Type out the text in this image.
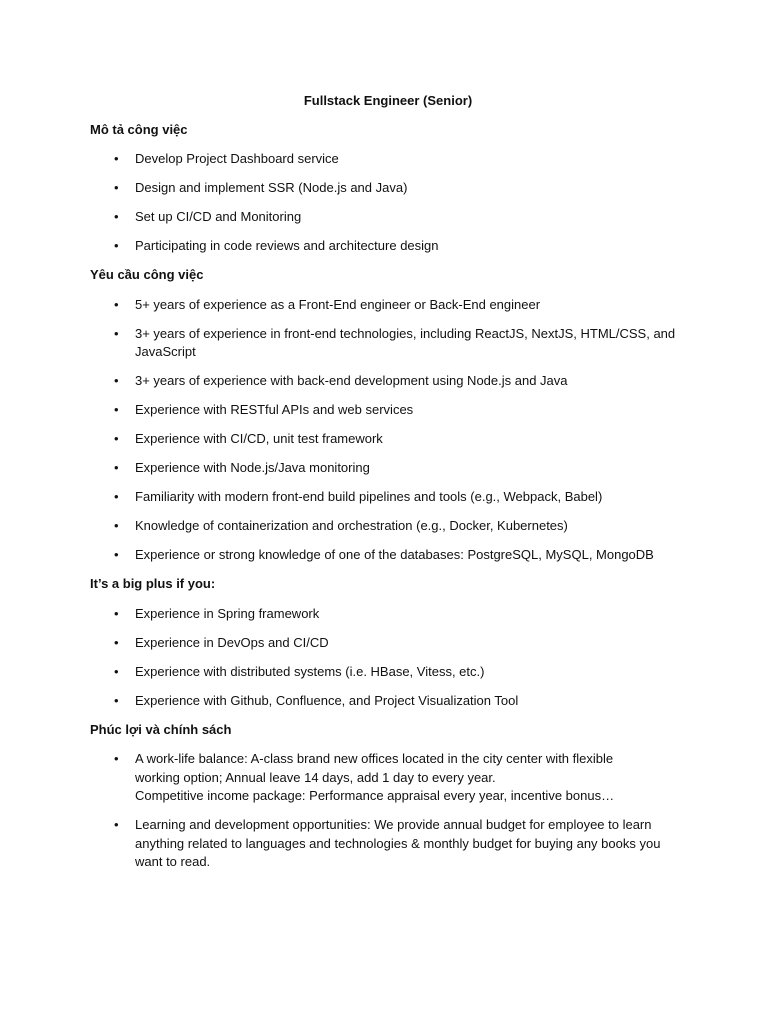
Fullstack Engineer (Senior)
Mô tả công việc
• Develop Project Dashboard service
• Design and implement SSR (Node.js and Java)
• Set up CI/CD and Monitoring
• Participating in code reviews and architecture design
Yêu cầu công việc
• 5+ years of experience as a Front-End engineer or Back-End engineer
• 3+ years of experience in front-end technologies, including ReactJS, NextJS, HTML/CSS, and
JavaScript
• 3+ years of experience with back-end development using Node.js and Java
• Experience with RESTful APIs and web services
• Experience with CI/CD, unit test framework
• Experience with Node.js/Java monitoring
• Familiarity with modern front-end build pipelines and tools (e.g., Webpack, Babel)
• Knowledge of containerization and orchestration (e.g., Docker, Kubernetes)
• Experience or strong knowledge of one of the databases: PostgreSQL, MySQL, MongoDB
It’s a big plus if you:
• Experience in Spring framework
• Experience in DevOps and CI/CD
• Experience with distributed systems (i.e. HBase, Vitess, etc.)
• Experience with Github, Confluence, and Project Visualization Tool
Phúc lợi và chính sách
• A work-life balance: A-class brand new offices located in the city center with flexible
working option; Annual leave 14 days, add 1 day to every year.
Competitive income package: Performance appraisal every year, incentive bonus…
• Learning and development opportunities: We provide annual budget for employee to learn
anything related to languages and technologies & monthly budget for buying any books you
want to read.
